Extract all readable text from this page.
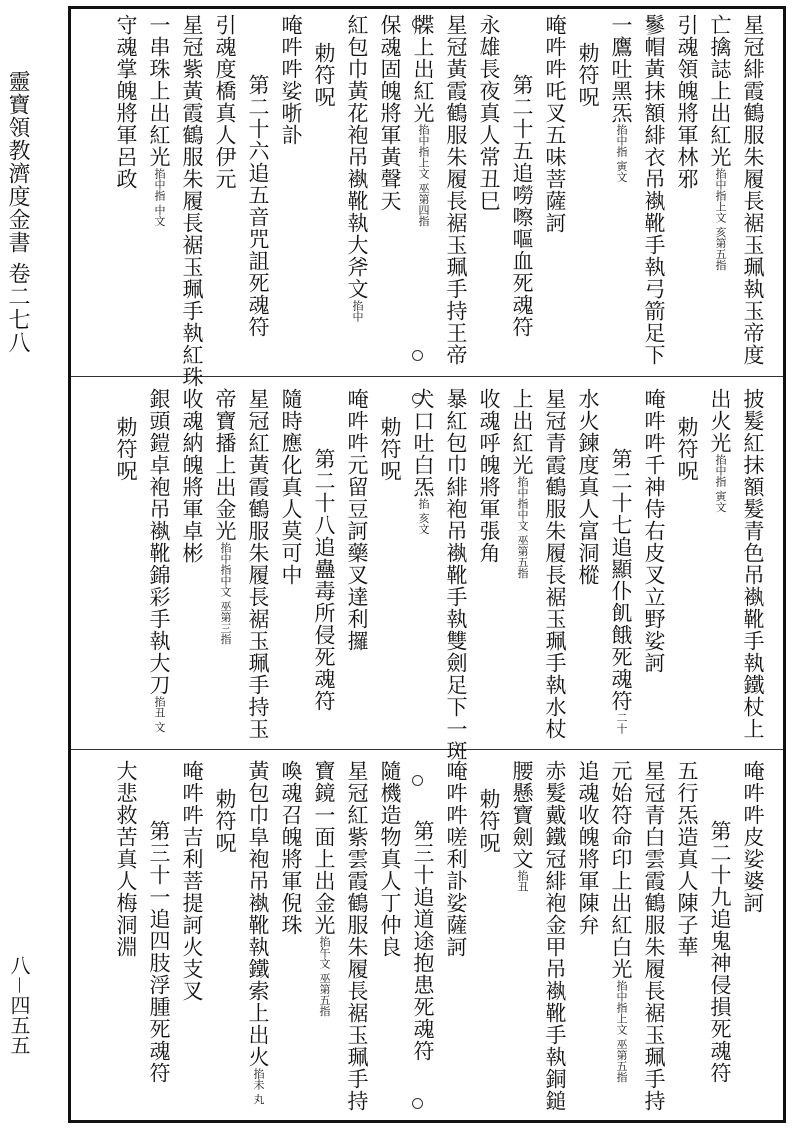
靈寶領教濟度金書 卷二七八
八－四五五
星冠緋霞鶴服朱履長裾玉珮執玉帝度
亡擒誌上出紅光掐中指上文 亥第五指
引魂領魄將軍林邪
鬖帽黃抹額緋衣吊褹靴手執弓箭足下
一鷹吐黑炁掐中指 寅文
勅符呪
唵吽吽吒叉五味菩薩訶
第二十五追嘮嚓嘔血死魂符
永雄長夜真人常丑巳
星冠黃霞鶴服朱履長裾玉珮手持王帝
牒上出紅光掐中指上文 巫第四指
保魂固魄將軍黃聲天
紅包巾黃花袍吊褹靴執大斧文掐中
勅符呪
唵吽吽娑哳訃
第二十六追五音咒詛死魂符
引魂度橋真人伊元
星冠紫黃霞鶴服朱履長裾玉珮手執紅珠
一串珠上出紅光掐中指 中文
守魂掌魄將軍呂政
披髮紅抹額髮青色吊褹靴手執鐵杖上
出火光掐中指 寅文
勅符呪
唵吽吽千神侍右皮叉立野娑訶
第二十七追顯仆飢餓死魂符二十
水火鍊度真人富洞樅
星冠青霞鶴服朱履長裾玉珮手執水杖
上出紅光掐中指中文 巫第五指
收魂呼魄將軍張角
暴紅包巾緋袍吊褹靴手執雙劍足下一斑
犬口吐白炁掐 亥文
勅符呪
唵吽吽元留豆訶藥叉達利攞
第二十八追蠱毒所侵死魂符
隨時應化真人莫可中
星冠紅黃霞鶴服朱履長裾玉珮手持玉
帝寶播上出金光掐中指中文 巫第三指
收魂納魄將軍卓彬
銀頭鎧卓袍吊褹靴錦彩手執大刀掐丑 文
勅符呪
唵吽吽皮娑婆訶
第二十九追鬼神侵損死魂符
五行炁造真人陳子華
星冠青白雲霞鶴服朱履長裾玉珮手持
元始符命印上出紅白光掐中指上文 巫第五指
追魂收魄將軍陳弁
赤髮戴鐵冠緋袍金甲吊褹靴手執銅鎚
腰懸寶劍文掐丑
勅符呪
唵吽吽嗟利訃娑薩訶
第三十追道途抱患死魂符
隨機造物真人丁仲良
星冠紅紫雲霞鶴服朱履長裾玉珮手持
寶鏡一面上出金光掐午文 巫第五指
喚魂召魄將軍倪珠
黃包巾阜袍吊褹靴執鐵索上出火掐未 丸
勅符呪
唵吽吽吉利菩提訶火支叉
第三十一追四肢浮腫死魂符
大悲救苦真人梅洞淵
